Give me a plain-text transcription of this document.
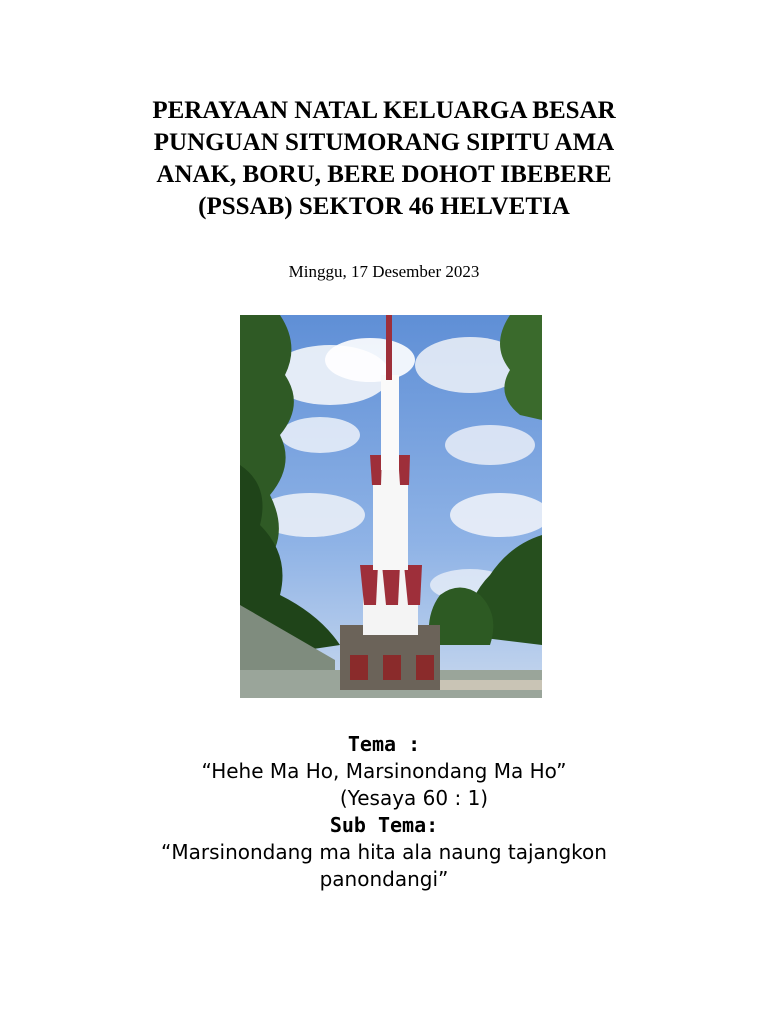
PERAYAAN NATAL KELUARGA BESAR
PUNGUAN SITUMORANG SIPITU AMA
ANAK, BORU, BERE DOHOT IBEBERE
(PSSAB) SEKTOR 46 HELVETIA
Minggu, 17 Desember 2023
Tema :
“Hehe Ma Ho, Marsinondang Ma Ho”
(Yesaya 60 : 1)
Sub Tema:
“Marsinondang ma hita ala naung tajangkon
panondangi”
